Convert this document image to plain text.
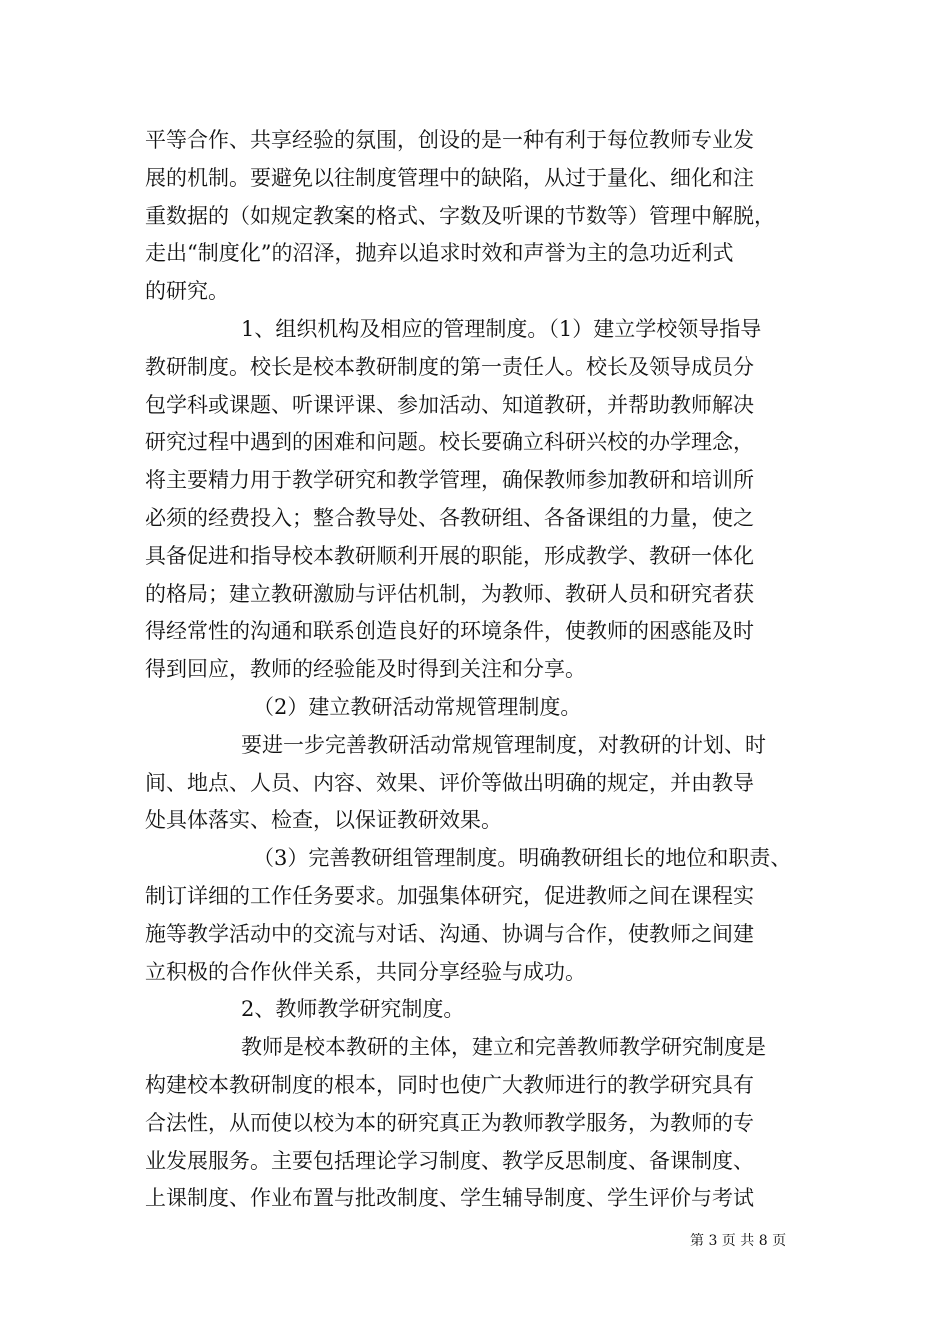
平等合作、共享经验的氛围，创设的是一种有利于每位教师专业发
展的机制。要避免以往制度管理中的缺陷，从过于量化、细化和注
重数据的（如规定教案的格式、字数及听课的节数等）管理中解脱，
走出“制度化”的沼泽，抛弃以追求时效和声誉为主的急功近利式
的研究。
1、组织机构及相应的管理制度。（1）建立学校领导指导
教研制度。校长是校本教研制度的第一责任人。校长及领导成员分
包学科或课题、听课评课、参加活动、知道教研，并帮助教师解决
研究过程中遇到的困难和问题。校长要确立科研兴校的办学理念，
将主要精力用于教学研究和教学管理，确保教师参加教研和培训所
必须的经费投入；整合教导处、各教研组、各备课组的力量，使之
具备促进和指导校本教研顺利开展的职能，形成教学、教研一体化
的格局；建立教研激励与评估机制，为教师、教研人员和研究者获
得经常性的沟通和联系创造良好的环境条件，使教师的困惑能及时
得到回应，教师的经验能及时得到关注和分享。
（2）建立教研活动常规管理制度。
要进一步完善教研活动常规管理制度，对教研的计划、时
间、地点、人员、内容、效果、评价等做出明确的规定，并由教导
处具体落实、检查，以保证教研效果。
（3）完善教研组管理制度。明确教研组长的地位和职责、
制订详细的工作任务要求。加强集体研究，促进教师之间在课程实
施等教学活动中的交流与对话、沟通、协调与合作，使教师之间建
立积极的合作伙伴关系，共同分享经验与成功。
2、教师教学研究制度。
教师是校本教研的主体，建立和完善教师教学研究制度是
构建校本教研制度的根本，同时也使广大教师进行的教学研究具有
合法性，从而使以校为本的研究真正为教师教学服务，为教师的专
业发展服务。主要包括理论学习制度、教学反思制度、备课制度、
上课制度、作业布置与批改制度、学生辅导制度、学生评价与考试
第 3 页 共 8 页
